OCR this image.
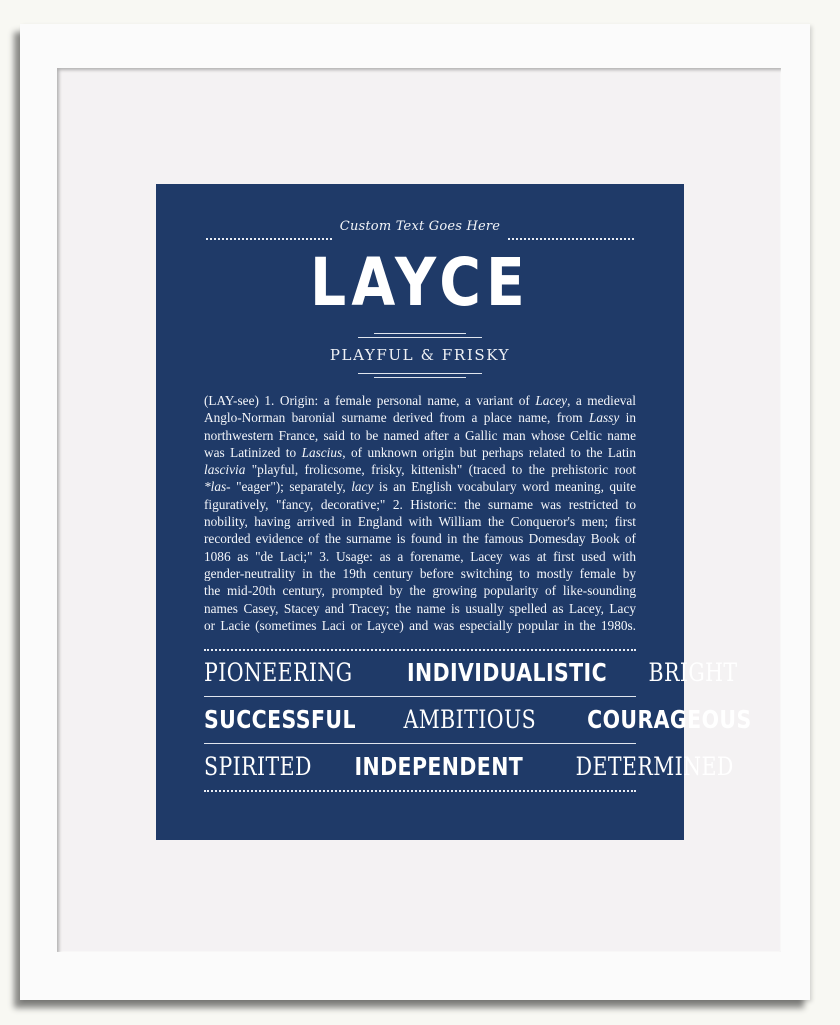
Custom Text Goes Here
LAYCE
PLAYFUL & FRISKY
(LAY-see) 1. Origin: a female personal name, a variant of Lacey, a medieval
Anglo-Norman baronial surname derived from a place name, from Lassy in
northwestern France, said to be named after a Gallic man whose Celtic name
was Latinized to Lascius, of unknown origin but perhaps related to the Latin
lascivia "playful, frolicsome, frisky, kittenish" (traced to the prehistoric root
*las- "eager"); separately, lacy is an English vocabulary word meaning, quite
figuratively, "fancy, decorative;" 2. Historic: the surname was restricted to
nobility, having arrived in England with William the Conqueror's men; first
recorded evidence of the surname is found in the famous Domesday Book of
1086 as "de Laci;" 3. Usage: as a forename, Lacey was at first used with
gender-neutrality in the 19th century before switching to mostly female by
the mid-20th century, prompted by the growing popularity of like-sounding
names Casey, Stacey and Tracey; the name is usually spelled as Lacey, Lacy
or Lacie (sometimes Laci or Layce) and was especially popular in the 1980s.
PIONEERING INDIVIDUALISTIC BRIGHT
SUCCESSFUL AMBITIOUS COURAGEOUS
SPIRITED INDEPENDENT DETERMINED
